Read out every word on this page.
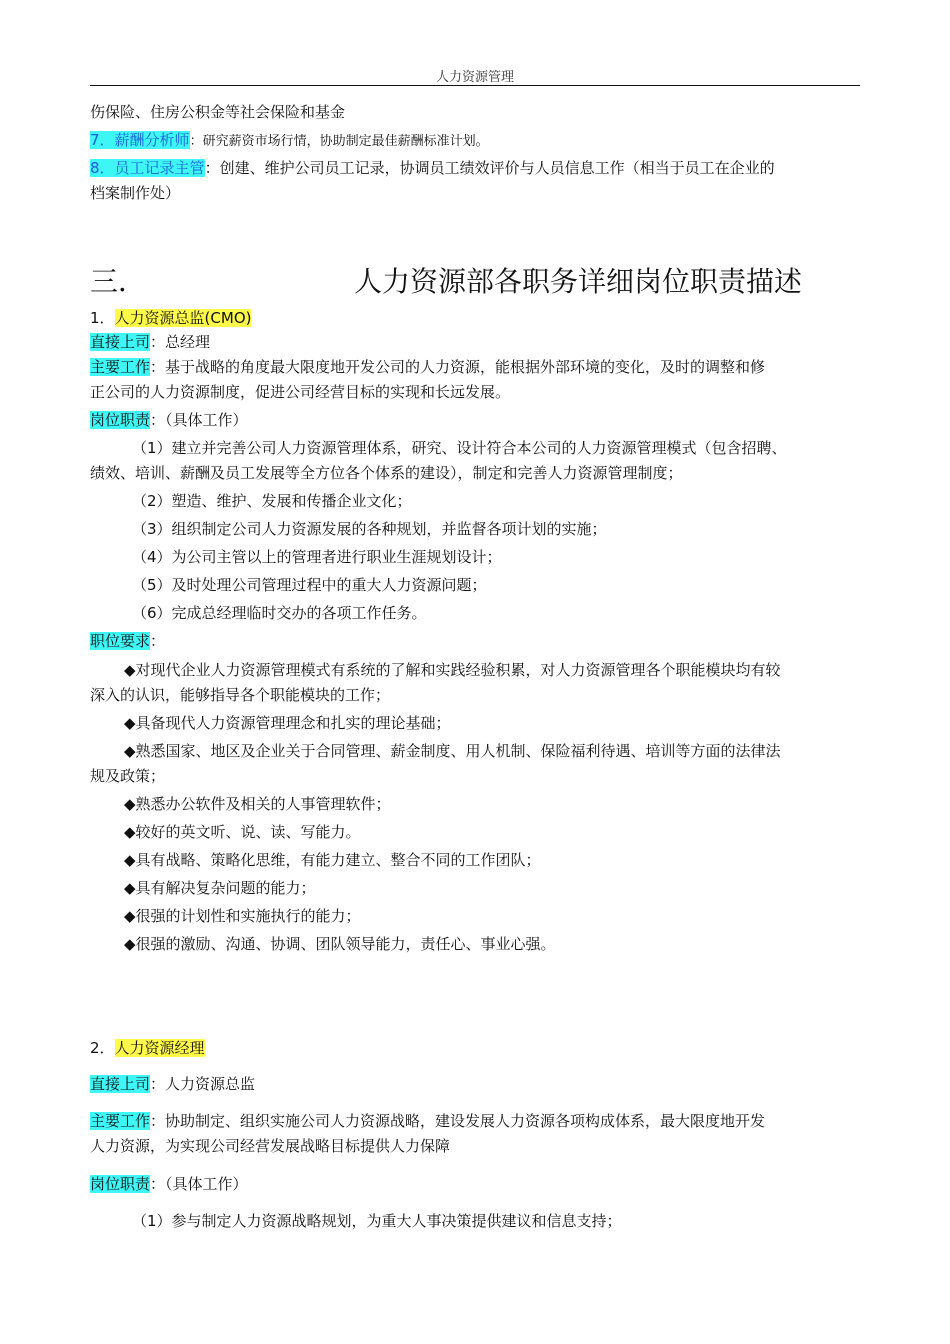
人力资源管理
伤保险、住房公积金等社会保险和基金
7．薪酬分析师：研究薪资市场行情，协助制定最佳薪酬标准计划。
8．员工记录主管：创建、维护公司员工记录，协调员工绩效评价与人员信息工作（相当于员工在企业的
档案制作处）
三．	人力资源部各职务详细岗位职责描述
1．人力资源总监(CMO)
直接上司：总经理
主要工作：基于战略的角度最大限度地开发公司的人力资源，能根据外部环境的变化，及时的调整和修
正公司的人力资源制度，促进公司经营目标的实现和长远发展。
岗位职责：（具体工作）
（1）建立并完善公司人力资源管理体系，研究、设计符合本公司的人力资源管理模式（包含招聘、
绩效、培训、薪酬及员工发展等全方位各个体系的建设），制定和完善人力资源管理制度；
（2）塑造、维护、发展和传播企业文化；
（3）组织制定公司人力资源发展的各种规划，并监督各项计划的实施；
（4）为公司主管以上的管理者进行职业生涯规划设计；
（5）及时处理公司管理过程中的重大人力资源问题；
（6）完成总经理临时交办的各项工作任务。
职位要求：
◆对现代企业人力资源管理模式有系统的了解和实践经验积累，对人力资源管理各个职能模块均有较
深入的认识，能够指导各个职能模块的工作；
◆具备现代人力资源管理理念和扎实的理论基础；
◆熟悉国家、地区及企业关于合同管理、薪金制度、用人机制、保险福利待遇、培训等方面的法律法
规及政策；
◆熟悉办公软件及相关的人事管理软件；
◆较好的英文听、说、读、写能力。
◆具有战略、策略化思维，有能力建立、整合不同的工作团队；
◆具有解决复杂问题的能力；
◆很强的计划性和实施执行的能力；
◆很强的激励、沟通、协调、团队领导能力，责任心、事业心强。
2．人力资源经理
直接上司：人力资源总监
主要工作：协助制定、组织实施公司人力资源战略，建设发展人力资源各项构成体系，最大限度地开发
人力资源，为实现公司经营发展战略目标提供人力保障
岗位职责：（具体工作）
（1）参与制定人力资源战略规划，为重大人事决策提供建议和信息支持；
